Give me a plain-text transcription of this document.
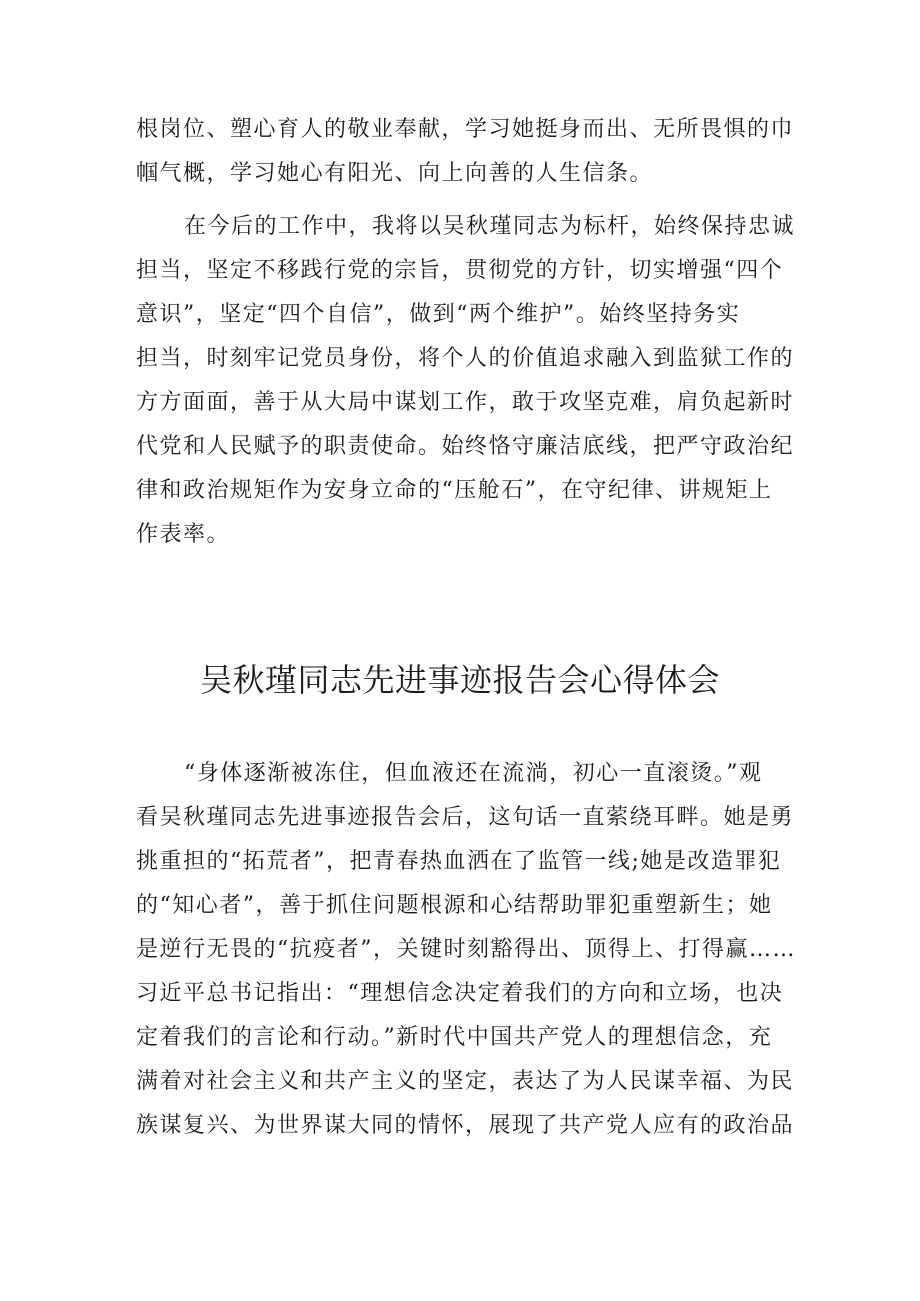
根岗位、塑心育人的敬业奉献，学习她挺身而出、无所畏惧的巾
帼气概，学习她心有阳光、向上向善的人生信条。
在今后的工作中，我将以吴秋瑾同志为标杆，始终保持忠诚
担当，坚定不移践行党的宗旨，贯彻党的方针，切实增强“四个
意识”，坚定“四个自信”，做到“两个维护”。始终坚持务实
担当，时刻牢记党员身份，将个人的价值追求融入到监狱工作的
方方面面，善于从大局中谋划工作，敢于攻坚克难，肩负起新时
代党和人民赋予的职责使命。始终恪守廉洁底线，把严守政治纪
律和政治规矩作为安身立命的“压舱石”，在守纪律、讲规矩上
作表率。
吴秋瑾同志先进事迹报告会心得体会
“身体逐渐被冻住，但血液还在流淌，初心一直滚烫。”观
看吴秋瑾同志先进事迹报告会后，这句话一直萦绕耳畔。她是勇
挑重担的“拓荒者”，把青春热血洒在了监管一线;她是改造罪犯
的“知心者”，善于抓住问题根源和心结帮助罪犯重塑新生；她
是逆行无畏的“抗疫者”，关键时刻豁得出、顶得上、打得赢……
习近平总书记指出：“理想信念决定着我们的方向和立场，也决
定着我们的言论和行动。”新时代中国共产党人的理想信念，充
满着对社会主义和共产主义的坚定，表达了为人民谋幸福、为民
族谋复兴、为世界谋大同的情怀，展现了共产党人应有的政治品
